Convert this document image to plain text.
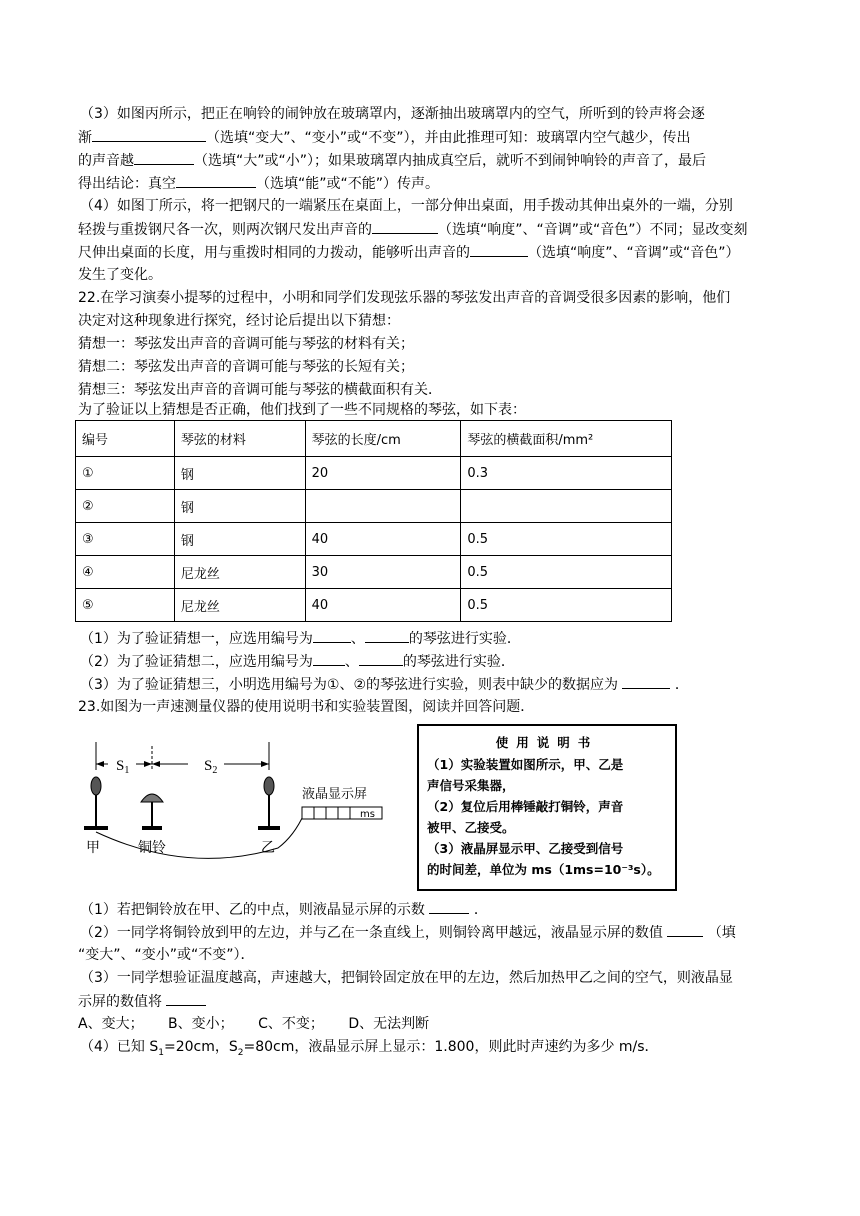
（3）如图丙所示，把正在响铃的闹钟放在玻璃罩内，逐渐抽出玻璃罩内的空气，所听到的铃声将会逐
渐	（选填“变大”、“变小”或“不变”），并由此推理可知：玻璃罩内空气越少，传出
的声音越	（选填“大”或“小”）；如果玻璃罩内抽成真空后，就听不到闹钟响铃的声音了，最后
得出结论：真空	（选填“能”或“不能”）传声。
（4）如图丁所示，将一把钢尺的一端紧压在桌面上，一部分伸出桌面，用手拨动其伸出桌外的一端，分别
轻拨与重拨钢尺各一次，则两次钢尺发出声音的	（选填“响度”、“音调”或“音色”）不同；显改变刻
尺伸出桌面的长度，用与重拨时相同的力拨动，能够听出声音的	（选填“响度”、“音调”或“音色”）
发生了变化。
22.在学习演奏小提琴的过程中，小明和同学们发现弦乐器的琴弦发出声音的音调受很多因素的影响，他们
决定对这种现象进行探究，经讨论后提出以下猜想：
猜想一：琴弦发出声音的音调可能与琴弦的材料有关；
猜想二：琴弦发出声音的音调可能与琴弦的长短有关；
猜想三：琴弦发出声音的音调可能与琴弦的横截面积有关．
为了验证以上猜想是否正确，他们找到了一些不同规格的琴弦，如下表：
编号	琴弦的材料	琴弦的长度/cm	琴弦的横截面积/mm²
①	钢	20	0.3
②	钢		
③	钢	40	0.5
④	尼龙丝	30	0.5
⑤	尼龙丝	40	0.5
（1）为了验证猜想一，应选用编号为	、	的琴弦进行实验．
（2）为了验证猜想二，应选用编号为 、	的琴弦进行实验．
（3）为了验证猜想三，小明选用编号为①、②的琴弦进行实验，则表中缺少的数据应为	．
23.如图为一声速测量仪器的使用说明书和实验装置图，阅读并回答问题．
$S_1$	$S_2$
液晶显示屏
ms
甲	铜铃	乙
使用说明书
（1）实验装置如图所示，甲、乙是
声信号采集器，
（2）复位后用棒锤敲打铜铃，声音
被甲、乙接受。
（3）液晶屏显示甲、乙接受到信号
的时间差，单位为 ms（1ms=10⁻³s）。
（1）若把铜铃放在甲、乙的中点，则液晶显示屏的示数	．
（2）一同学将铜铃放到甲的左边，并与乙在一条直线上，则铜铃离甲越远，液晶显示屏的数值	（填
“变大”、“变小”或“不变”）．
（3）一同学想验证温度越高，声速越大，把铜铃固定放在甲的左边，然后加热甲乙之间的空气，则液晶显
示屏的数值将
A、变大； B、变小； C、不变； D、无法判断
（4）已知 $S_1=20cm$，$S_2=80cm$，液晶显示屏上显示：1.800，则此时声速约为多少 m/s．
